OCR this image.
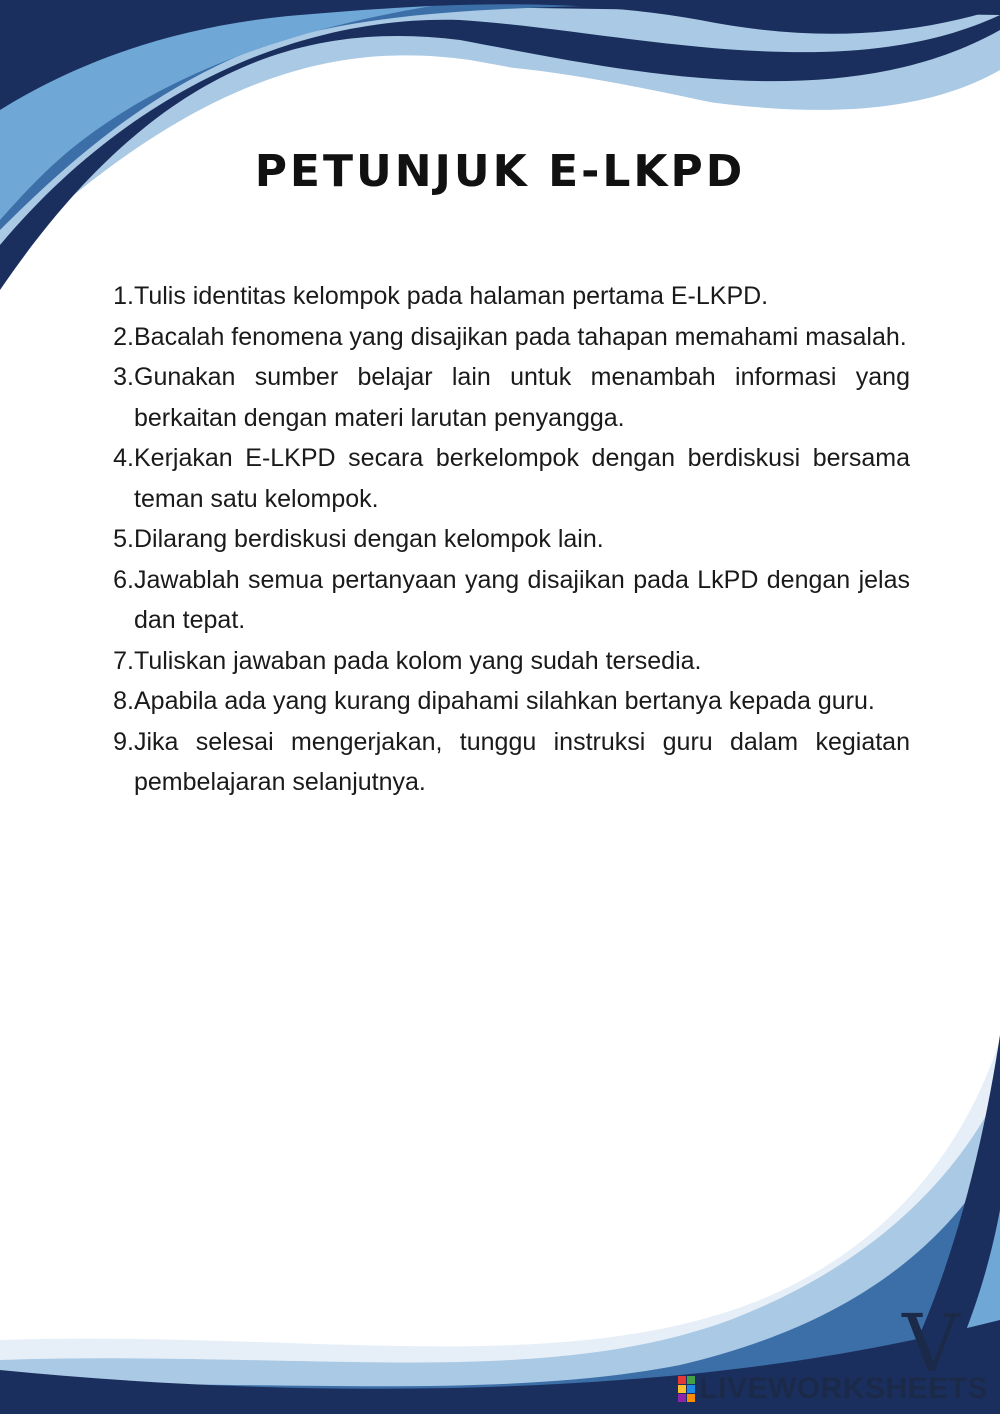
PETUNJUK E-LKPD
1. Tulis identitas kelompok pada halaman pertama E-LKPD.
2. Bacalah fenomena yang disajikan pada tahapan memahami masalah.
3. Gunakan sumber belajar lain untuk menambah informasi yang berkaitan dengan materi larutan penyangga.
4. Kerjakan E-LKPD secara berkelompok dengan berdiskusi bersama teman satu kelompok.
5. Dilarang berdiskusi dengan kelompok lain.
6. Jawablah semua pertanyaan yang disajikan pada LkPD dengan jelas dan tepat.
7. Tuliskan jawaban pada kolom yang sudah tersedia.
8. Apabila ada yang kurang dipahami silahkan bertanya kepada guru.
9. Jika selesai mengerjakan, tunggu instruksi guru dalam kegiatan pembelajaran selanjutnya.
V
LIVEWORKSHEETS
